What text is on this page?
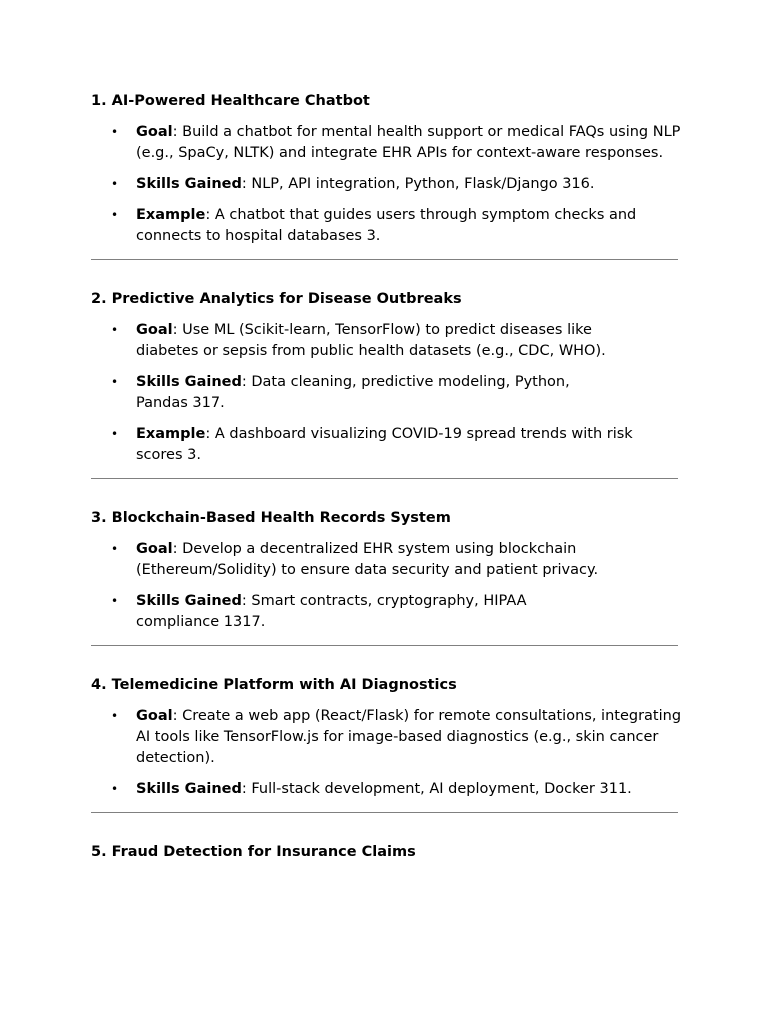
1. AI-Powered Healthcare Chatbot
• Goal: Build a chatbot for mental health support or medical FAQs using NLP (e.g., SpaCy, NLTK) and integrate EHR APIs for context-aware responses.
• Skills Gained: NLP, API integration, Python, Flask/Django 316.
• Example: A chatbot that guides users through symptom checks and connects to hospital databases 3.
2. Predictive Analytics for Disease Outbreaks
• Goal: Use ML (Scikit-learn, TensorFlow) to predict diseases like diabetes or sepsis from public health datasets (e.g., CDC, WHO).
• Skills Gained: Data cleaning, predictive modeling, Python, Pandas 317.
• Example: A dashboard visualizing COVID-19 spread trends with risk scores 3.
3. Blockchain-Based Health Records System
• Goal: Develop a decentralized EHR system using blockchain (Ethereum/Solidity) to ensure data security and patient privacy.
• Skills Gained: Smart contracts, cryptography, HIPAA compliance 1317.
4. Telemedicine Platform with AI Diagnostics
• Goal: Create a web app (React/Flask) for remote consultations, integrating AI tools like TensorFlow.js for image-based diagnostics (e.g., skin cancer detection).
• Skills Gained: Full-stack development, AI deployment, Docker 311.
5. Fraud Detection for Insurance Claims
